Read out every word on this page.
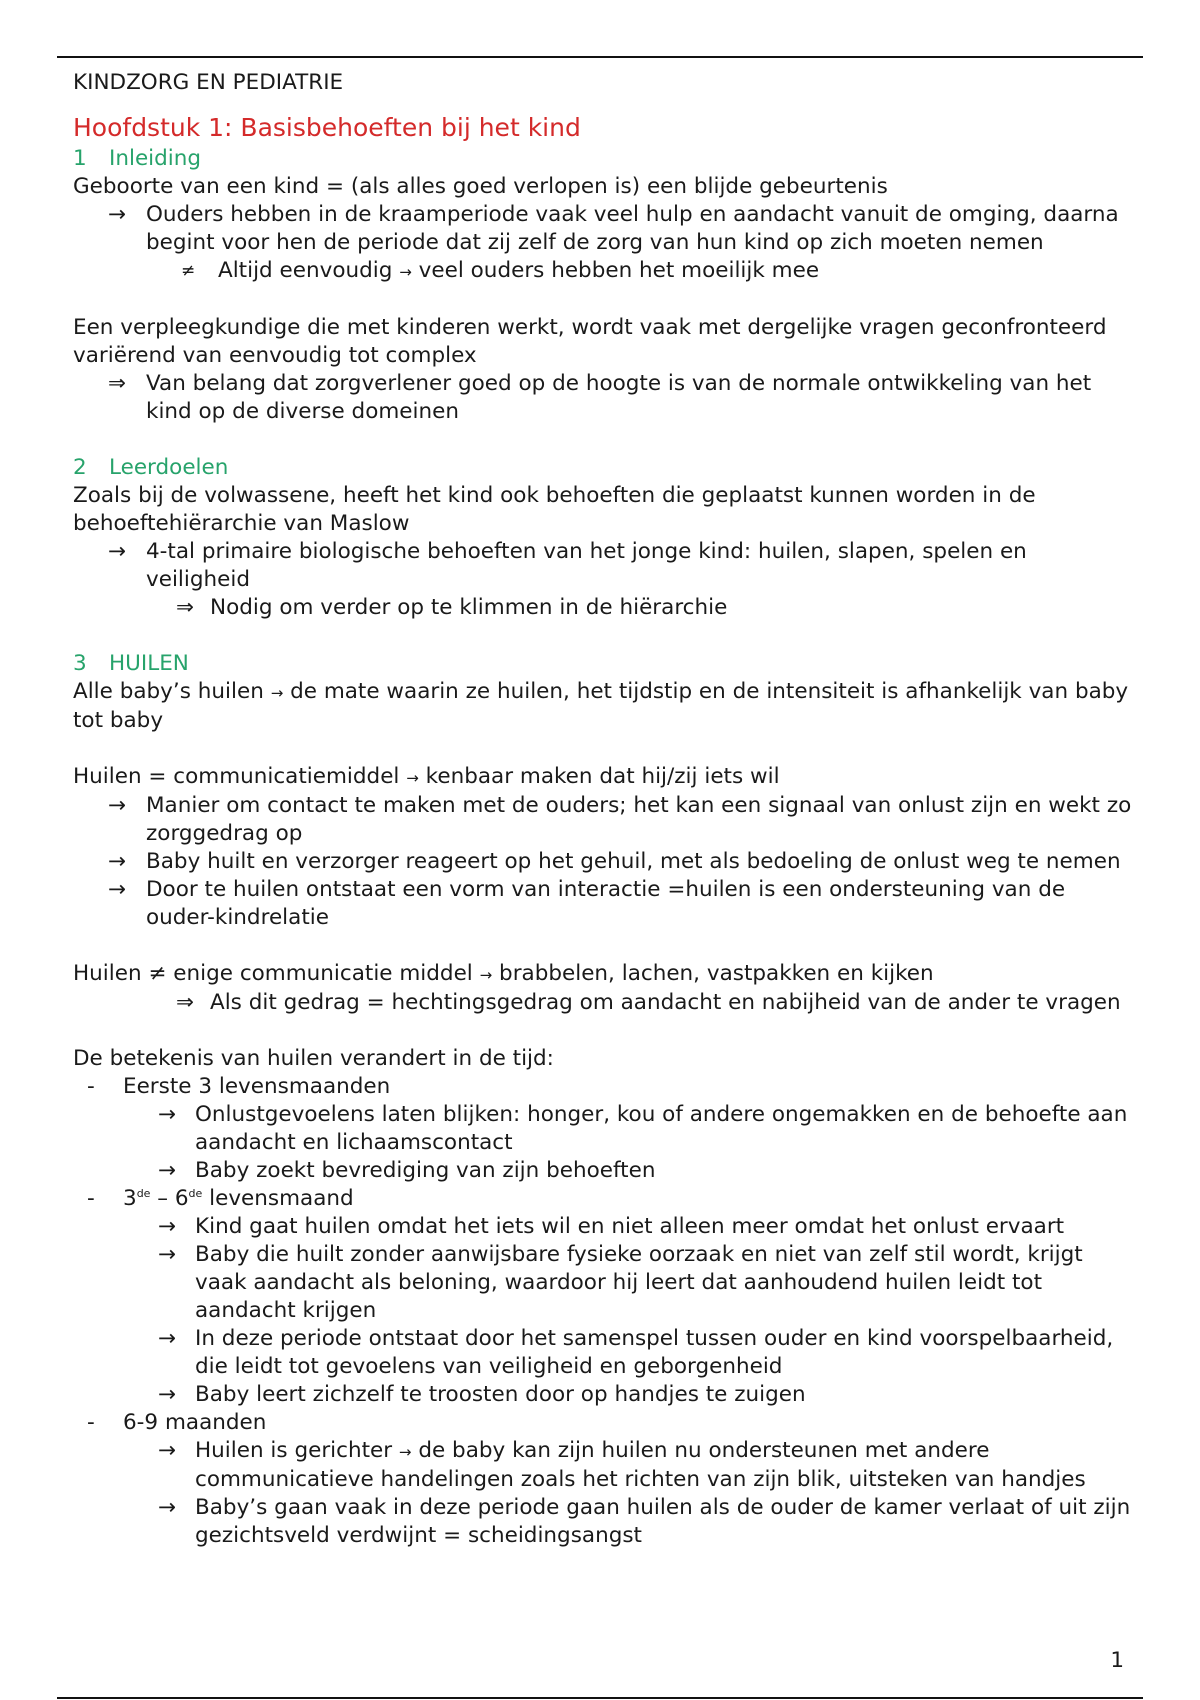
KINDZORG EN PEDIATRIE

Hoofdstuk 1: Basisbehoeften bij het kind

1 Inleiding

Geboorte van een kind = (als alles goed verlopen is) een blijde gebeurtenis

→ Ouders hebben in de kraamperiode vaak veel hulp en aandacht vanuit de omging, daarna begint voor hen de periode dat zij zelf de zorg van hun kind op zich moeten nemen
≠ Altijd eenvoudig → veel ouders hebben het moeilijk mee

Een verpleegkundige die met kinderen werkt, wordt vaak met dergelijke vragen geconfronteerd variërend van eenvoudig tot complex

⇒ Van belang dat zorgverlener goed op de hoogte is van de normale ontwikkeling van het kind op de diverse domeinen

2 Leerdoelen

Zoals bij de volwassene, heeft het kind ook behoeften die geplaatst kunnen worden in de behoeftehiërarchie van Maslow

→ 4-tal primaire biologische behoeften van het jonge kind: huilen, slapen, spelen en veiligheid
⇒ Nodig om verder op te klimmen in de hiërarchie

3 HUILEN

Alle baby’s huilen → de mate waarin ze huilen, het tijdstip en de intensiteit is afhankelijk van baby tot baby

Huilen = communicatiemiddel → kenbaar maken dat hij/zij iets wil

→ Manier om contact te maken met de ouders; het kan een signaal van onlust zijn en wekt zo zorggedrag op
→ Baby huilt en verzorger reageert op het gehuil, met als bedoeling de onlust weg te nemen
→ Door te huilen ontstaat een vorm van interactie =huilen is een ondersteuning van de ouder-kindrelatie

Huilen ≠ enige communicatie middel → brabbelen, lachen, vastpakken en kijken

⇒ Als dit gedrag = hechtingsgedrag om aandacht en nabijheid van de ander te vragen

De betekenis van huilen verandert in de tijd:

- Eerste 3 levensmaanden
→ Onlustgevoelens laten blijken: honger, kou of andere ongemakken en de behoefte aan aandacht en lichaamscontact
→ Baby zoekt bevrediging van zijn behoeften
- 3de – 6de levensmaand
→ Kind gaat huilen omdat het iets wil en niet alleen meer omdat het onlust ervaart
→ Baby die huilt zonder aanwijsbare fysieke oorzaak en niet van zelf stil wordt, krijgt vaak aandacht als beloning, waardoor hij leert dat aanhoudend huilen leidt tot aandacht krijgen
→ In deze periode ontstaat door het samenspel tussen ouder en kind voorspelbaarheid, die leidt tot gevoelens van veiligheid en geborgenheid
→ Baby leert zichzelf te troosten door op handjes te zuigen
- 6-9 maanden
→ Huilen is gerichter → de baby kan zijn huilen nu ondersteunen met andere communicatieve handelingen zoals het richten van zijn blik, uitsteken van handjes
→ Baby’s gaan vaak in deze periode gaan huilen als de ouder de kamer verlaat of uit zijn gezichtsveld verdwijnt = scheidingsangst
1
